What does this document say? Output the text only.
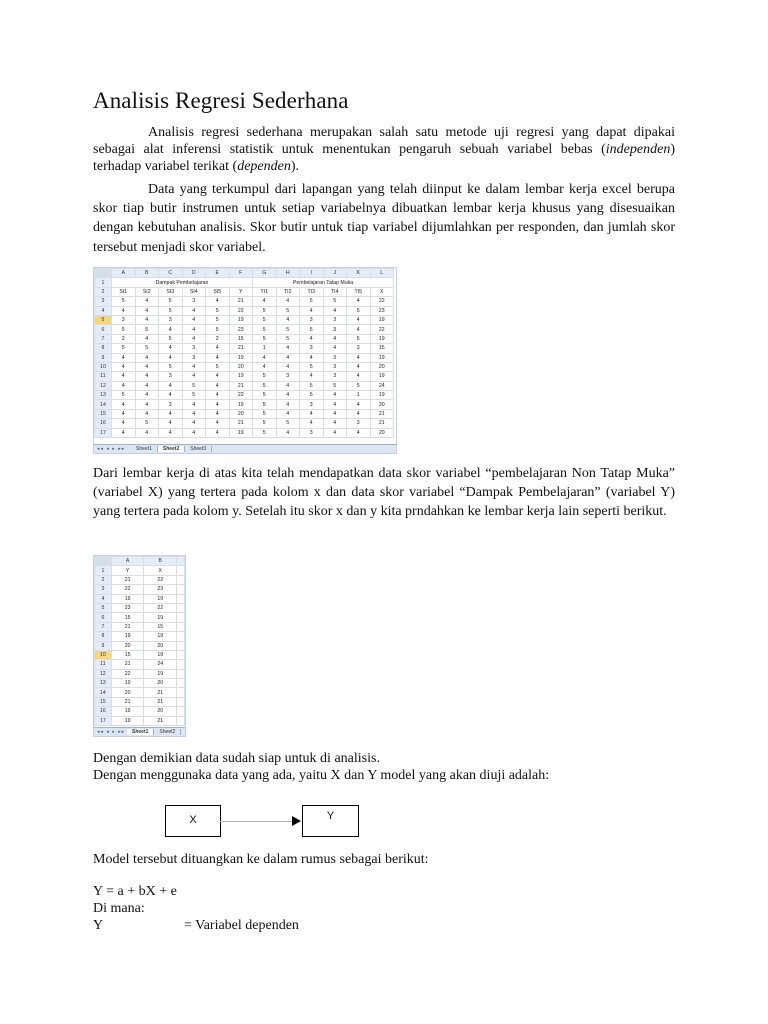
Analisis Regresi Sederhana

Analisis regresi sederhana merupakan salah satu metode uji regresi yang dapat dipakai sebagai alat inferensi statistik untuk menentukan pengaruh sebuah variabel bebas (independen) terhadap variabel terikat (dependen).

Data yang terkumpul dari lapangan yang telah diinput ke dalam lembar kerja excel berupa skor tiap butir instrumen untuk setiap variabelnya dibuatkan lembar kerja khusus yang disesuaikan dengan kebutuhan analisis. Skor butir untuk tiap variabel dijumlahkan per responden, dan jumlah skor tersebut menjadi skor variabel.

	A	B	C	D	E	F	G	H	I	J	K	L
1	Dampak Pembelajaran						Pembelajaran Tatap Muka					
2	SI1	SI2	SI3	SI4	SI5	Y	TI1	TI2	TI3	TI4	TI5	X
3	5	4	5	3	4	21	4	4	5	5	4	22
4	4	4	5	4	5	22	5	5	4	4	5	23
5	3	4	3	4	5	19	5	4	3	3	4	19
6	5	5	4	4	5	23	5	5	5	3	4	22
7	2	4	5	4	2	15	5	5	4	4	5	19
8	5	5	4	3	4	21	1	4	3	4	3	15
9	4	4	4	3	4	19	4	4	4	3	4	19
10	4	4	5	4	5	20	4	4	5	3	4	20
11	4	4	3	4	4	19	5	3	4	3	4	19
12	4	4	4	5	4	21	5	4	5	5	5	24
13	5	4	4	5	4	22	5	4	5	4	1	19
14	4	4	3	4	4	19	5	4	3	4	4	20
15	4	4	4	4	4	20	5	4	4	4	4	21
16	4	5	4	4	4	21	5	5	4	4	3	21
17	4	4	4	4	4	19	5	4	3	4	4	20
◂◂ ◂ ▸ ▸▸	Sheet1	Sheet2	Sheet3

Dari lembar kerja di atas kita telah mendapatkan data skor variabel “pembelajaran Non Tatap Muka” (variabel X) yang tertera pada kolom x dan data skor variabel “Dampak Pembelajaran” (variabel Y) yang tertera pada kolom y. Setelah itu skor x dan y kita prndahkan ke lembar kerja lain seperti berikut.

	A	B	
1	Y	X	
2	21	22	
3	22	23	
4	19	19	
5	23	22	
6	15	19	
7	21	15	
8	19	19	
9	20	20	
10	15	19	
11	21	24	
12	22	19	
13	19	20	
14	20	21	
15	21	21	
16	19	20	
17	19	21	
◂◂ ◂ ▸ ▸▸	Sheet1	Sheet2

Dengan demikian data sudah siap untuk di analisis.

Dengan menggunaka data yang ada, yaitu X dan Y model yang akan diuji adalah:

X	Y

Model tersebut dituangkan ke dalam rumus sebagai berikut:

Y = a + bX + e

Di mana:

Y	= Variabel dependen
